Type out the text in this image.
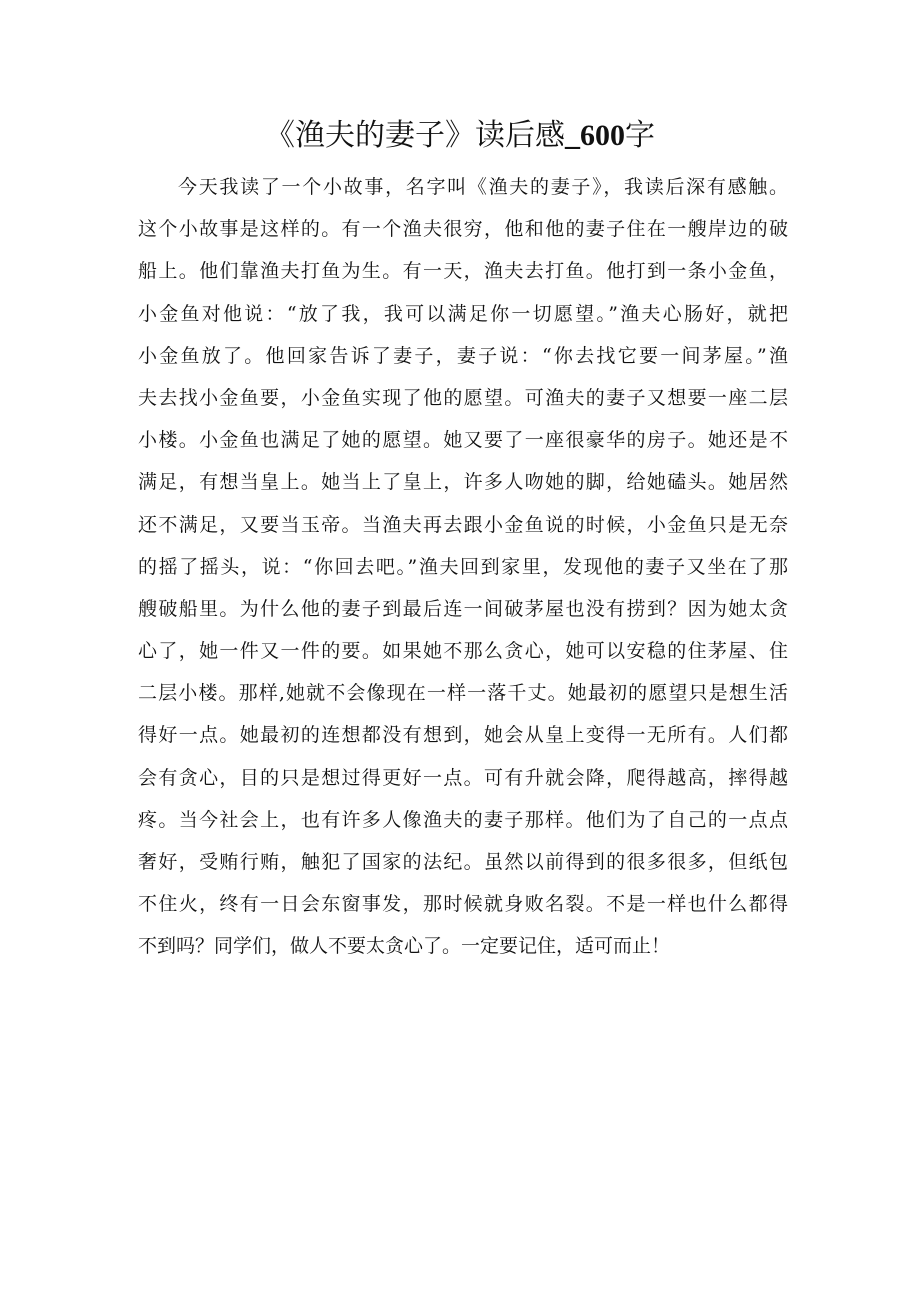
《渔夫的妻子》读后感_600字
今天我读了一个小故事，名字叫《渔夫的妻子》，我读后深有感触。
这个小故事是这样的。有一个渔夫很穷，他和他的妻子住在一艘岸边的破
船上。他们靠渔夫打鱼为生。有一天，渔夫去打鱼。他打到一条小金鱼，
小金鱼对他说：“放了我，我可以满足你一切愿望。”渔夫心肠好，就把
小金鱼放了。他回家告诉了妻子，妻子说：“你去找它要一间茅屋。”渔
夫去找小金鱼要，小金鱼实现了他的愿望。可渔夫的妻子又想要一座二层
小楼。小金鱼也满足了她的愿望。她又要了一座很豪华的房子。她还是不
满足，有想当皇上。她当上了皇上，许多人吻她的脚，给她磕头。她居然
还不满足，又要当玉帝。当渔夫再去跟小金鱼说的时候，小金鱼只是无奈
的摇了摇头，说：“你回去吧。”渔夫回到家里，发现他的妻子又坐在了那
艘破船里。为什么他的妻子到最后连一间破茅屋也没有捞到？因为她太贪
心了，她一件又一件的要。如果她不那么贪心，她可以安稳的住茅屋、住
二层小楼。那样,她就不会像现在一样一落千丈。她最初的愿望只是想生活
得好一点。她最初的连想都没有想到，她会从皇上变得一无所有。人们都
会有贪心，目的只是想过得更好一点。可有升就会降，爬得越高，摔得越
疼。当今社会上，也有许多人像渔夫的妻子那样。他们为了自己的一点点
奢好，受贿行贿，触犯了国家的法纪。虽然以前得到的很多很多，但纸包
不住火，终有一日会东窗事发，那时候就身败名裂。不是一样也什么都得
不到吗？同学们，做人不要太贪心了。一定要记住，适可而止！
